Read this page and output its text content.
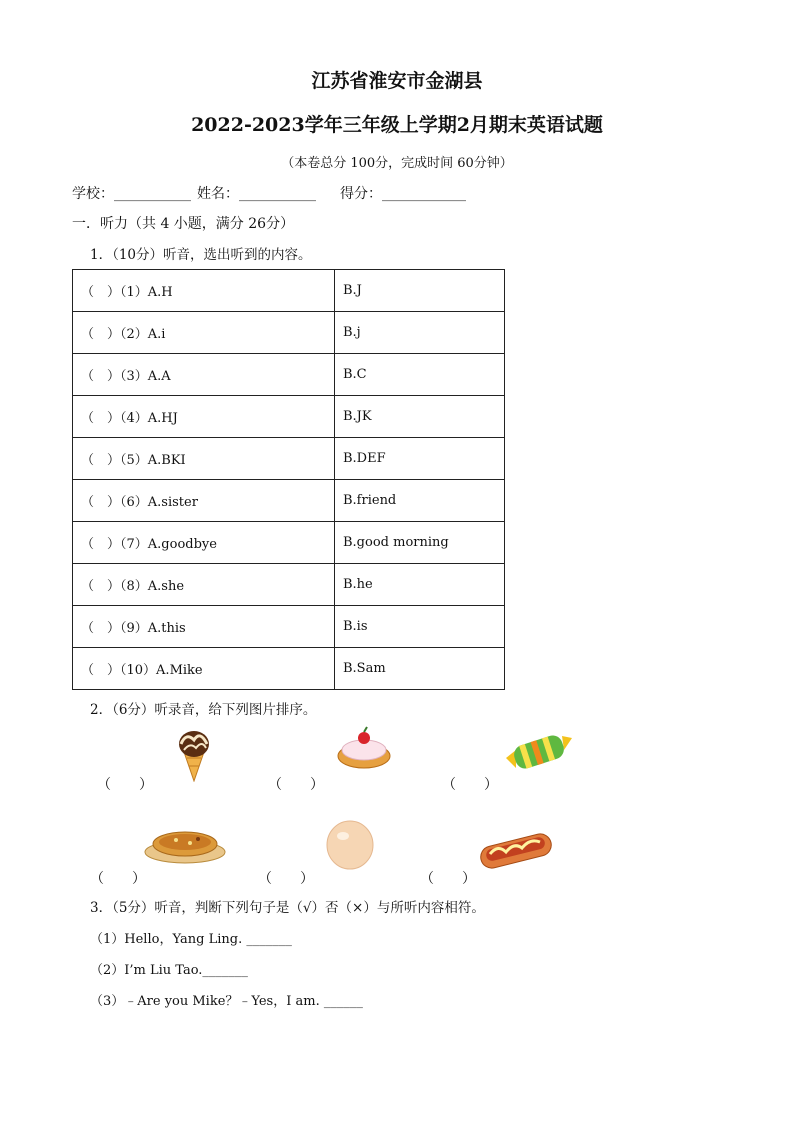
江苏省淮安市金湖县
2022-2023学年三年级上学期2月期末英语试题
（本卷总分 100分，完成时间 60分钟）
学校：___________ 姓名：___________ 得分：____________
一．听力（共 4 小题，满分 26分）
1．（10分）听音，选出听到的内容。
（　）（1）A.H	B.J
（　）（2）A.i	B.j
（　）（3）A.A	B.C
（　）（4）A.HJ	B.JK
（　）（5）A.BKI	B.DEF
（　）（6）A.sister	B.friend
（　）（7）A.goodbye	B.good morning
（　）（8）A.she	B.he
（　）（9）A.this	B.is
（　）（10）A.Mike	B.Sam
2．（6分）听录音，给下列图片排序。
（　　）	（　　）	（　　）
（　　）	（　　）	（　　）
3．（5分）听音，判断下列句子是（√）否（×）与所听内容相符。
（1）Hello，Yang Ling. _______
（2）I’m Liu Tao._______
（3）﹣Are you Mike？﹣Yes，I am. ______
